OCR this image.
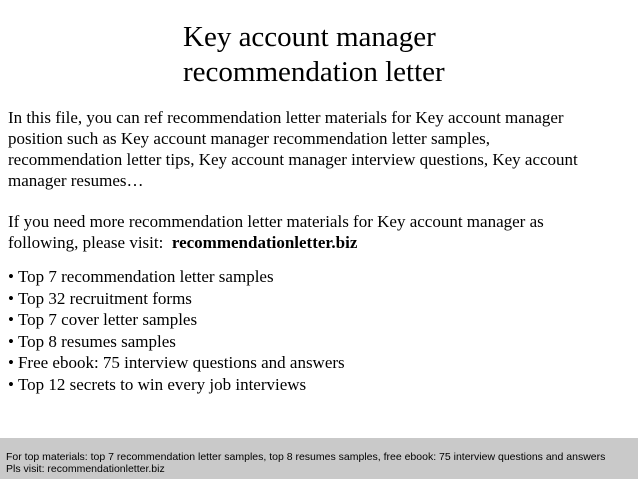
Key account manager
recommendation letter

In this file, you can ref recommendation letter materials for Key account manager
position such as Key account manager recommendation letter samples,
recommendation letter tips, Key account manager interview questions, Key account
manager resumes…

If you need more recommendation letter materials for Key account manager as
following, please visit:  recommendationletter.biz

• Top 7 recommendation letter samples
• Top 32 recruitment forms
• Top 7 cover letter samples
• Top 8 resumes samples
• Free ebook: 75 interview questions and answers
• Top 12 secrets to win every job interviews
For top materials: top 7 recommendation letter samples, top 8 resumes samples, free ebook: 75 interview questions and answers
Pls visit: recommendationletter.biz
